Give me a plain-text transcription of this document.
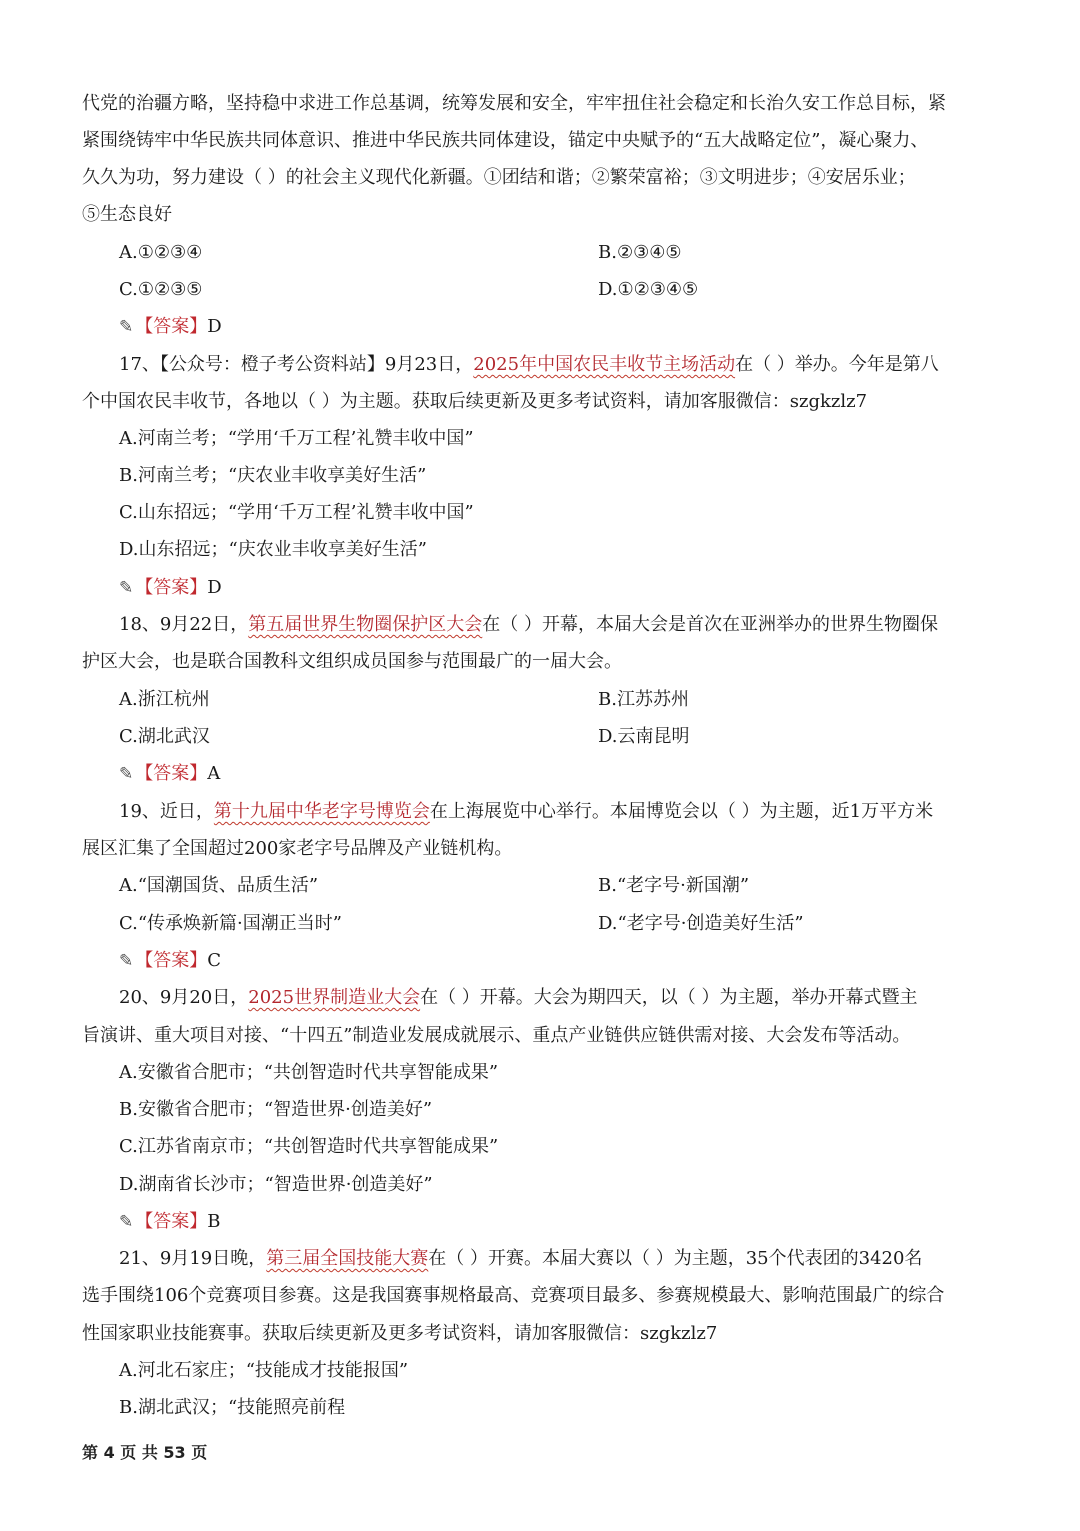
代党的治疆方略，坚持稳中求进工作总基调，统筹发展和安全，牢牢扭住社会稳定和长治久安工作总目标，紧
紧围绕铸牢中华民族共同体意识、推进中华民族共同体建设，锚定中央赋予的“五大战略定位”，凝心聚力、
久久为功，努力建设（ ）的社会主义现代化新疆。①团结和谐；②繁荣富裕；③文明进步；④安居乐业；
⑤生态良好
A.①②③④	B.②③④⑤
C.①②③⑤	D.①②③④⑤
✎ 【答案】D
17、【公众号：橙子考公资料站】9月23日，2025年中国农民丰收节主场活动在（ ）举办。今年是第八
个中国农民丰收节，各地以（ ）为主题。获取后续更新及更多考试资料，请加客服微信：szgkzlz7
A.河南兰考；“学用‘千万工程’礼赞丰收中国”
B.河南兰考；“庆农业丰收享美好生活”
C.山东招远；“学用‘千万工程’礼赞丰收中国”
D.山东招远；“庆农业丰收享美好生活”
✎ 【答案】D
18、9月22日，第五届世界生物圈保护区大会在（ ）开幕，本届大会是首次在亚洲举办的世界生物圈保
护区大会，也是联合国教科文组织成员国参与范围最广的一届大会。
A.浙江杭州	B.江苏苏州
C.湖北武汉	D.云南昆明
✎ 【答案】A
19、近日，第十九届中华老字号博览会在上海展览中心举行。本届博览会以（ ）为主题，近1万平方米
展区汇集了全国超过200家老字号品牌及产业链机构。
A.“国潮国货、品质生活”	B.“老字号·新国潮”
C.“传承焕新篇·国潮正当时”	D.“老字号·创造美好生活”
✎ 【答案】C
20、9月20日，2025世界制造业大会在（ ）开幕。大会为期四天，以（ ）为主题，举办开幕式暨主
旨演讲、重大项目对接、“十四五”制造业发展成就展示、重点产业链供应链供需对接、大会发布等活动。
A.安徽省合肥市；“共创智造时代共享智能成果”
B.安徽省合肥市；“智造世界·创造美好”
C.江苏省南京市；“共创智造时代共享智能成果”
D.湖南省长沙市；“智造世界·创造美好”
✎ 【答案】B
21、9月19日晚，第三届全国技能大赛在（ ）开赛。本届大赛以（ ）为主题，35个代表团的3420名
选手围绕106个竞赛项目参赛。这是我国赛事规格最高、竞赛项目最多、参赛规模最大、影响范围最广的综合
性国家职业技能赛事。获取后续更新及更多考试资料，请加客服微信：szgkzlz7
A.河北石家庄；“技能成才技能报国”
B.湖北武汉；“技能照亮前程
第 4 页 共 53 页
